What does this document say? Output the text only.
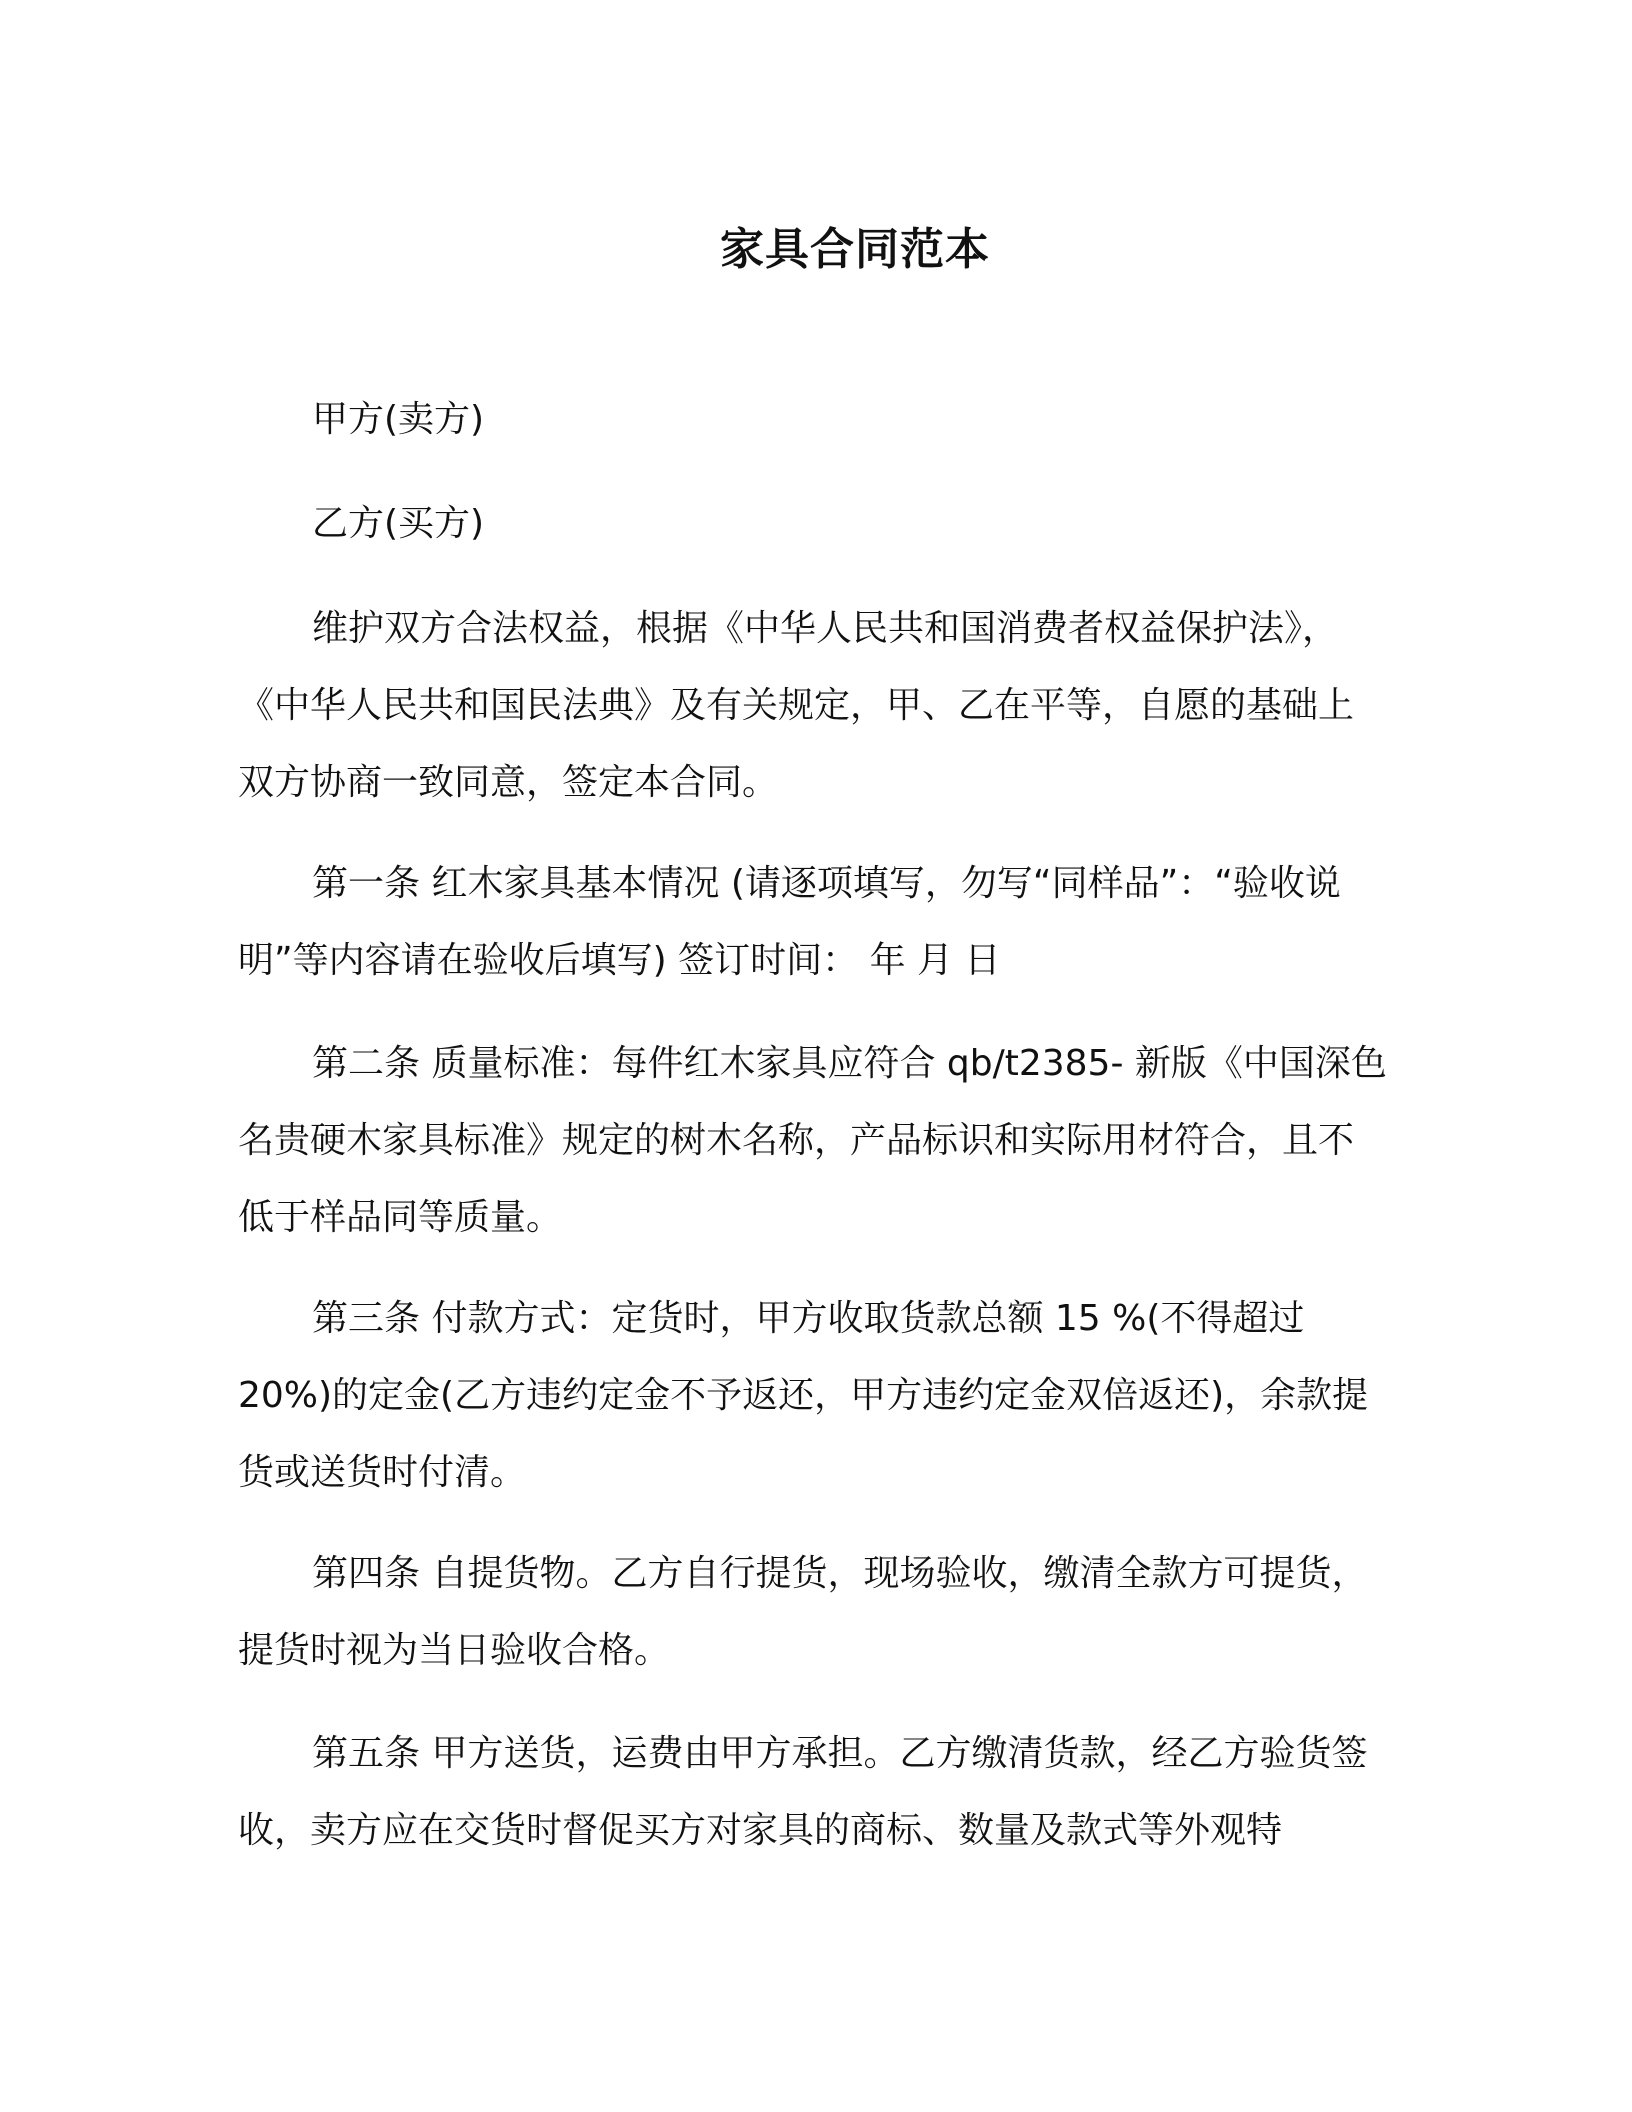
家具合同范本
甲方(卖方)
乙方(买方)

维护双方合法权益，根据《中华人民共和国消费者权益保护法》，《中华人民共和国民法典》及有关规定，甲、乙在平等，自愿的基础上双方协商一致同意，签定本合同。

第一条 红木家具基本情况 (请逐项填写，勿写“同样品”：“验收说明”等内容请在验收后填写) 签订时间： 年 月 日

第二条 质量标准：每件红木家具应符合 qb/t2385- 新版《中国深色名贵硬木家具标准》规定的树木名称，产品标识和实际用材符合，且不低于样品同等质量。

第三条 付款方式：定货时，甲方收取货款总额 15 %(不得超过 20%)的定金(乙方违约定金不予返还，甲方违约定金双倍返还)，余款提货或送货时付清。

第四条 自提货物。乙方自行提货，现场验收，缴清全款方可提货，提货时视为当日验收合格。

第五条 甲方送货，运费由甲方承担。乙方缴清货款，经乙方验货签收，卖方应在交货时督促买方对家具的商标、数量及款式等外观特
